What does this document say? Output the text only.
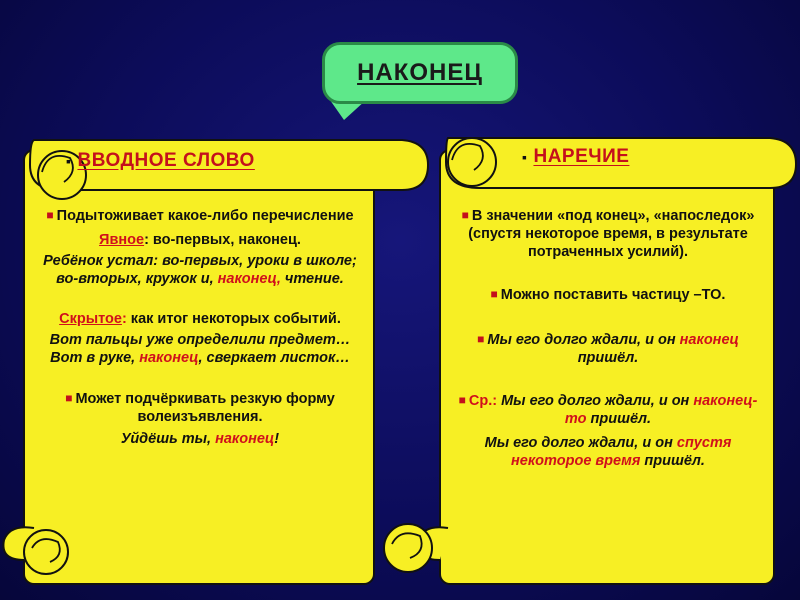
НАКОНЕЦ
▪ ВВОДНОЕ СЛОВО	▪ НАРЕЧИЕ

■ Подытоживает какое-либо перечисление

Явное: во-первых, наконец.

Ребёнок устал: во-первых, уроки в школе; во-вторых, кружок и, наконец, чтение.

Скрытое: как итог некоторых событий.

Вот пальцы уже определили предмет… Вот в руке, наконец, сверкает листок…

■ Может подчёркивать резкую форму волеизъявления.

Уйдёшь ты, наконец!

■ В значении «под конец», «напоследок» (спустя некоторое время, в результате потраченных усилий).

■ Можно поставить частицу –ТО.

■ Мы его долго ждали, и он наконец пришёл.

■ Ср.: Мы его долго ждали, и он наконец-то пришёл.

Мы его долго ждали, и он спустя некоторое время пришёл.
